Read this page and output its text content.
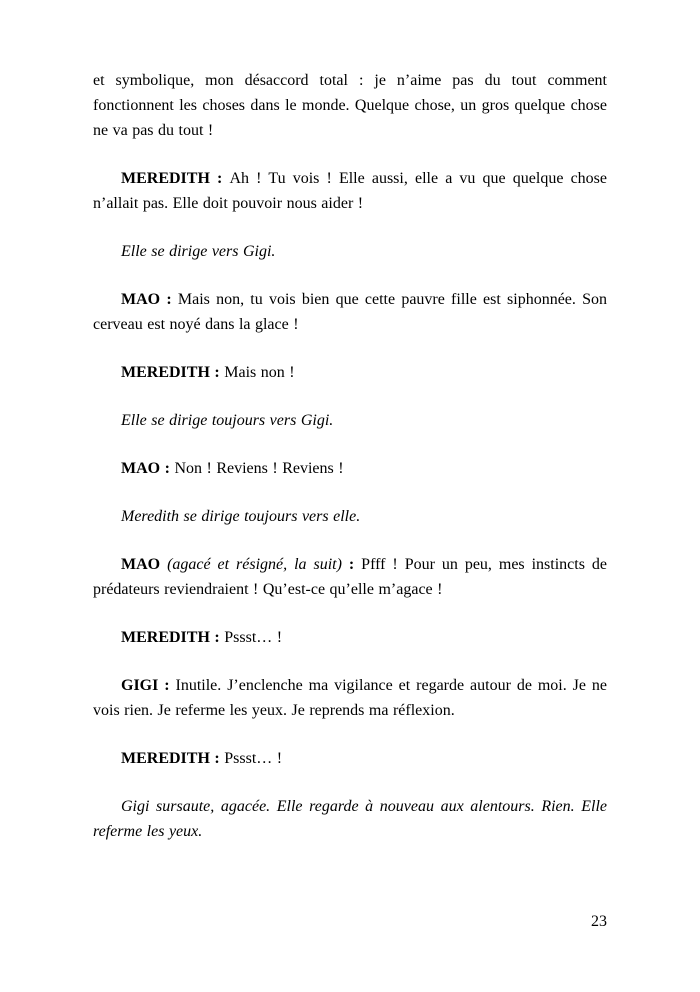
et symbolique, mon désaccord total : je n’aime pas du tout comment fonctionnent les choses dans le monde. Quelque chose, un gros quelque chose ne va pas du tout !

MEREDITH : Ah ! Tu vois ! Elle aussi, elle a vu que quelque chose n’allait pas. Elle doit pouvoir nous aider !

Elle se dirige vers Gigi.

MAO : Mais non, tu vois bien que cette pauvre fille est siphonnée. Son cerveau est noyé dans la glace !

MEREDITH : Mais non !

Elle se dirige toujours vers Gigi.

MAO : Non ! Reviens ! Reviens !

Meredith se dirige toujours vers elle.

MAO (agacé et résigné, la suit) : Pfff ! Pour un peu, mes instincts de prédateurs reviendraient ! Qu’est-ce qu’elle m’agace !

MEREDITH : Pssst… !

GIGI : Inutile. J’enclenche ma vigilance et regarde autour de moi. Je ne vois rien. Je referme les yeux. Je reprends ma réflexion.

MEREDITH : Pssst… !

Gigi sursaute, agacée. Elle regarde à nouveau aux alentours. Rien. Elle referme les yeux.

23
